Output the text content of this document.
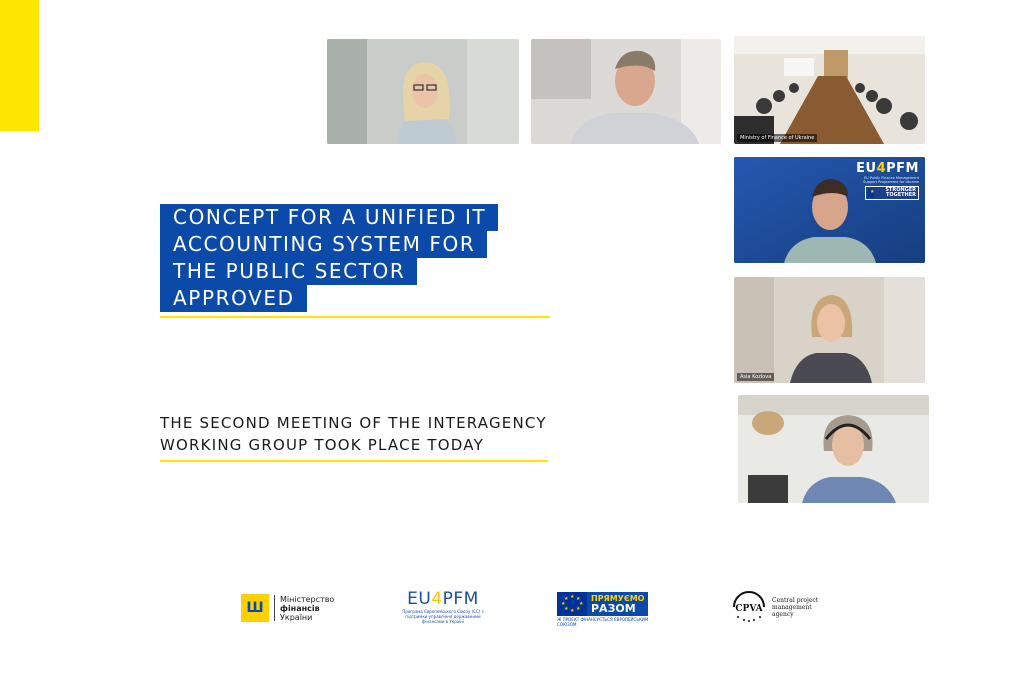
CONCEPT FOR A UNIFIED IT
ACCOUNTING SYSTEM FOR
THE PUBLIC SECTOR
APPROVED
THE SECOND MEETING OF THE INTERAGENCY
WORKING GROUP TOOK PLACE TODAY
Ministry of Finance of Ukraine
EU4PFM
EU Public Finance Management Support Programme for Ukraine
★
STRONGER TOGETHER
Asia Kozlova
Ш
Міністерство
фінансів
України
EU4PFM
Програма Європейського Союзу (ЄС) з підтримки управління державними фінансами в Україні
★ ★
★
★
★
★
★
★	ПРЯМУЄМО
РАЗОМ
Ж ПРОЄКТ ФІНАНСУЄТЬСЯ ЄВРОПЕЙСЬКИМ СОЮЗОМ
CPVA
Central project
management
agency
